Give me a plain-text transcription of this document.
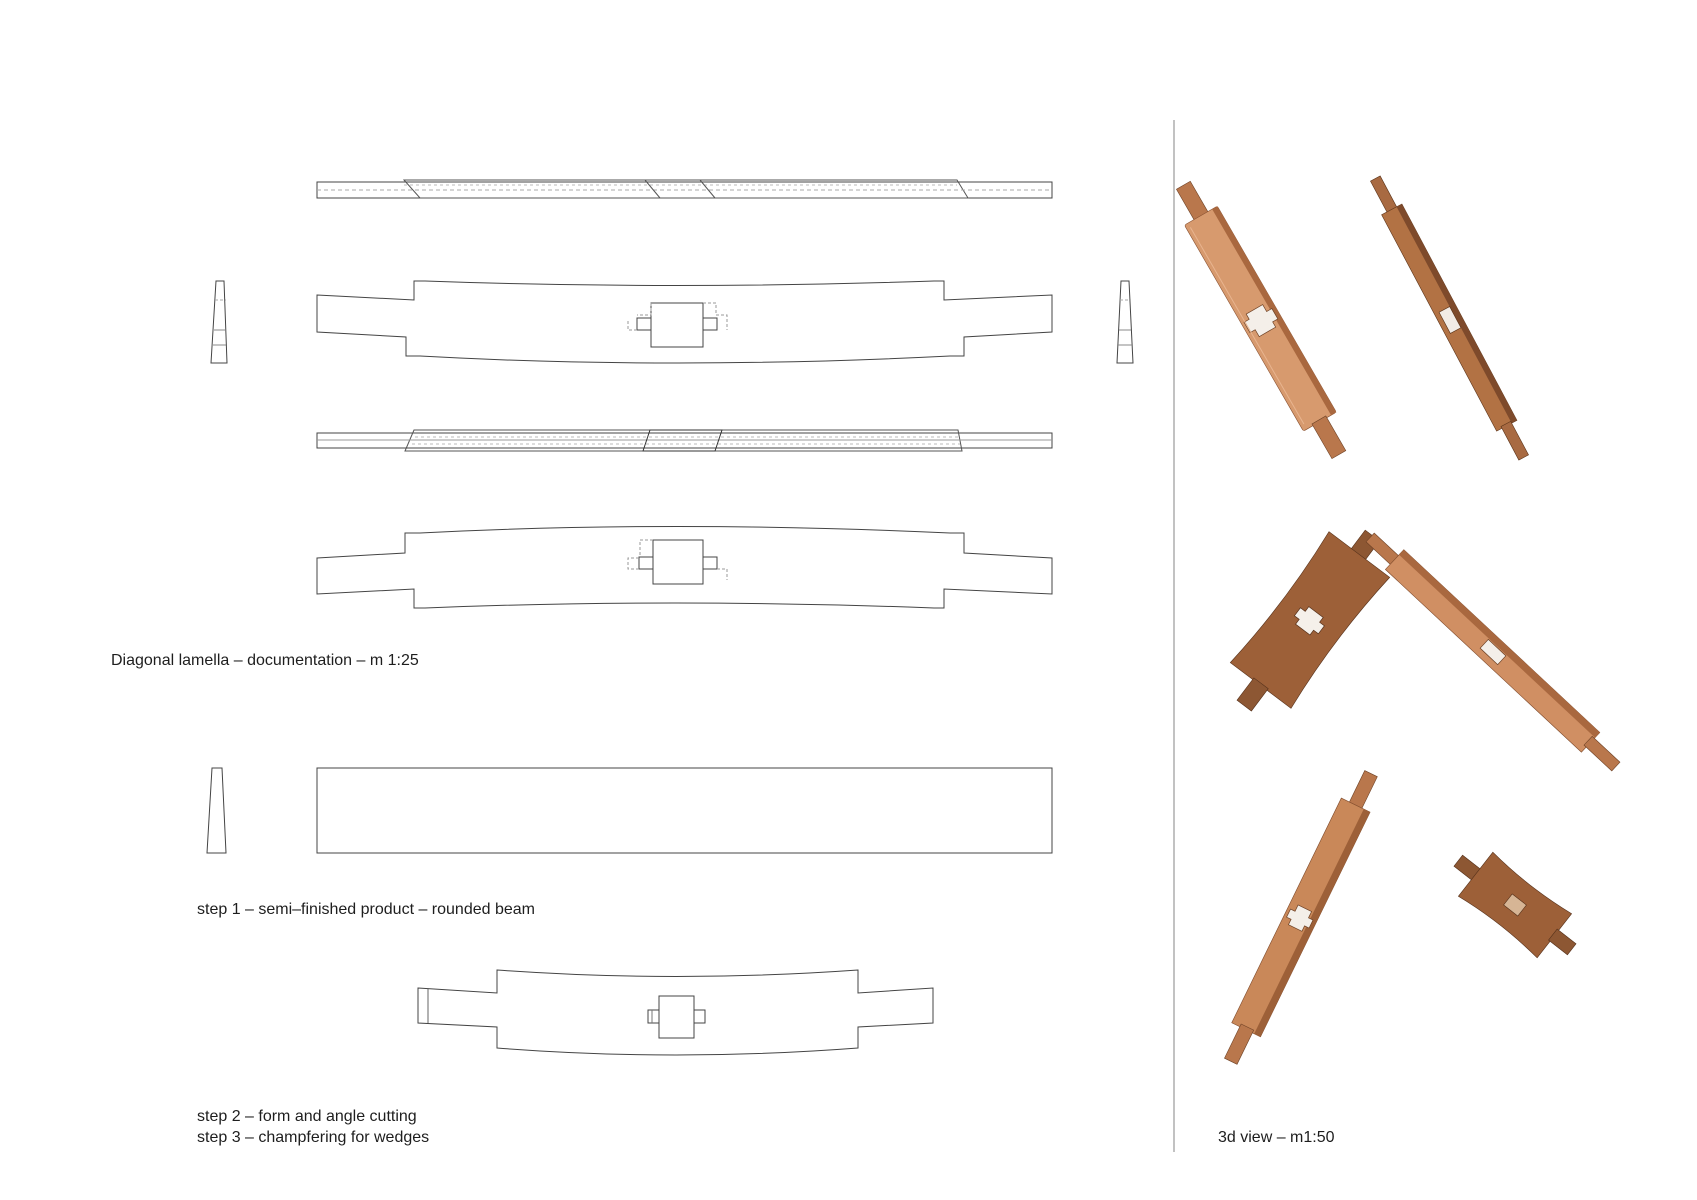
Diagonal lamella – documentation – m 1:25
step 1 – semi–finished product – rounded beam
step 2 – form and angle cutting
step 3 – champfering for wedges	3d view – m1:50
